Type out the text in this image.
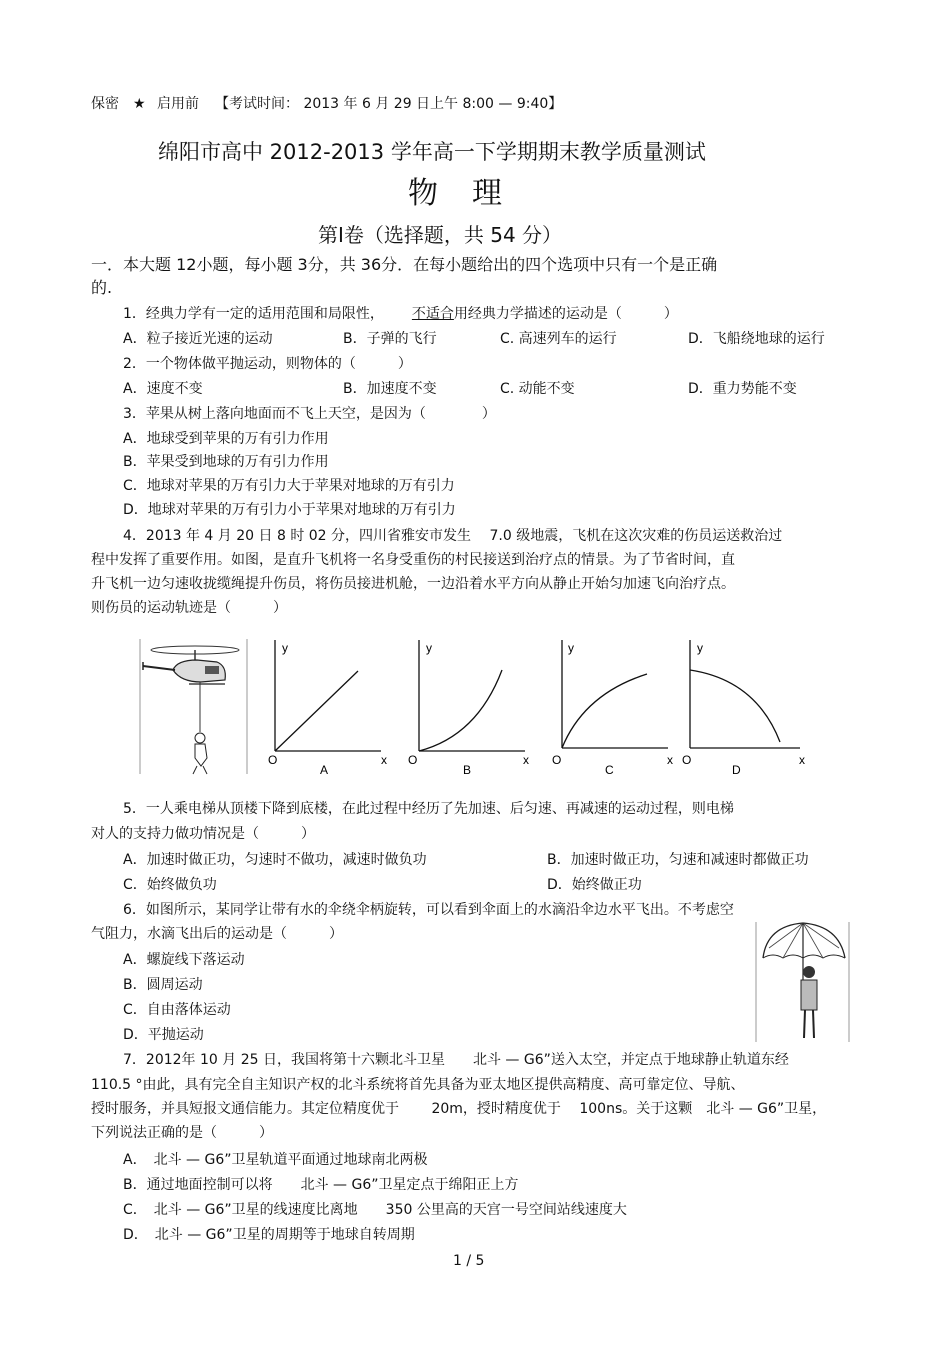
保密 ★ 启用前 【考试时间： 2013 年 6 月 29 日上午 8:00 — 9:40】
绵阳市高中 2012-2013 学年高一下学期期末教学质量测试
物　理
第Ⅰ卷（选择题，共 54 分）
一．本大题 12小题，每小题 3分，共 36分．在每小题给出的四个选项中只有一个是正确
的.
1．经典力学有一定的适用范围和局限性， 不适合用经典力学描述的运动是（　　　）
A．粒子接近光速的运动	B．子弹的飞行	C. 高速列车的运行	D．飞船绕地球的运行
2．一个物体做平抛运动，则物体的（　　　）
A．速度不变	B．加速度不变	C. 动能不变	D．重力势能不变
3．苹果从树上落向地面而不飞上天空，是因为（　　　　）
A．地球受到苹果的万有引力作用
B．苹果受到地球的万有引力作用
C．地球对苹果的万有引力大于苹果对地球的万有引力
D．地球对苹果的万有引力小于苹果对地球的万有引力
4．2013 年 4 月 20 日 8 时 02 分，四川省雅安市发生　 7.0 级地震，飞机在这次灾难的伤员运送救治过
程中发挥了重要作用。如图，是直升飞机将一名身受重伤的村民接送到治疗点的情景。为了节省时间，直
升飞机一边匀速收拢缆绳提升伤员，将伤员接进机舱，一边沿着水平方向从静止开始匀加速飞向治疗点。
则伤员的运动轨迹是（　　　）
y
O	x
A
y
O	x
B
y
O	x
C
y
O	x
D
5．一人乘电梯从顶楼下降到底楼，在此过程中经历了先加速、后匀速、再减速的运动过程，则电梯
对人的支持力做功情况是（　　　）
A．加速时做正功，匀速时不做功，减速时做负功	B．加速时做正功，匀速和减速时都做正功
C．始终做负功	D．始终做正功
6．如图所示，某同学让带有水的伞绕伞柄旋转，可以看到伞面上的水滴沿伞边水平飞出。不考虑空
气阻力，水滴飞出后的运动是（　　　）
A．螺旋线下落运动
B．圆周运动
C．自由落体运动
D．平抛运动
7．2012年 10 月 25 日，我国将第十六颗北斗卫星　　北斗 — G6”送入太空，并定点于地球静止轨道东经
110.5 °由此，具有完全自主知识产权的北斗系统将首先具备为亚太地区提供高精度、高可靠定位、导航、
授时服务，并具短报文通信能力。其定位精度优于　　 20m，授时精度优于　 100ns。关于这颗　北斗 — G6”卫星，
下列说法正确的是（　　　）
A．　北斗 — G6”卫星轨道平面通过地球南北两极
B．通过地面控制可以将　　北斗 — G6”卫星定点于绵阳正上方
C．　北斗 — G6”卫星的线速度比离地　　350 公里高的天宫一号空间站线速度大
D．　北斗 — G6”卫星的周期等于地球自转周期
1 / 5
